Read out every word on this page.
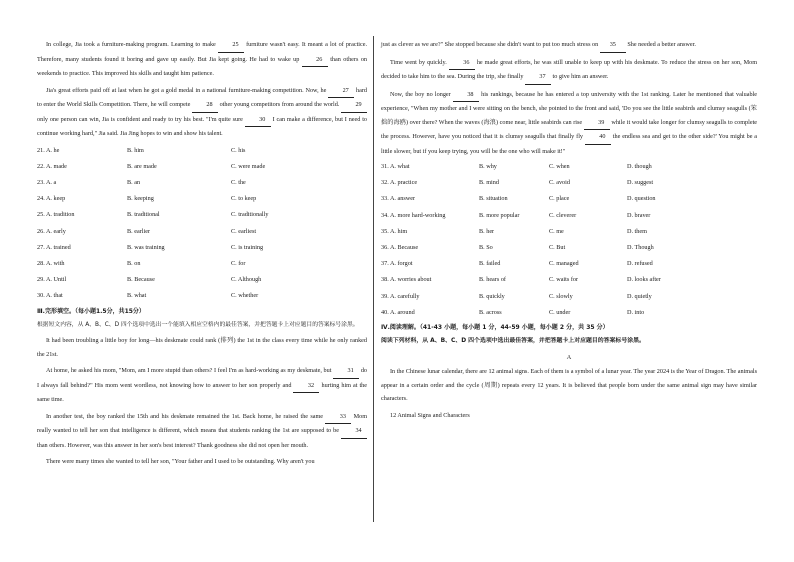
In college, Jia took a furniture-making program. Learning to make	25 furniture wasn't easy. It meant a lot of practice. Therefore, many students found it boring and gave up easily. But Jia kept going. He had to wake up	26 than others on weekends to practice. This improved his skills and taught him patience.

Jia's great efforts paid off at last when he got a gold medal in a national furniture-making competition. Now, he	27 hard to enter the World Skills Competition. There, he will compete	28 other young competitors from around the world.	29 only one person can win, Jia is confident and ready to try his best. "I'm quite sure	30 I can make a difference, but I need to continue working hard," Jia said. Jia Jing hopes to win and show his talent.

21. A. he	B. him	C. his
22. A. made	B. are made	C. were made
23. A. a	B. an	C. the
24. A. keep	B. keeping	C. to keep
25. A. tradition	B. traditional	C. traditionally
26. A. early	B. earlier	C. earliest
27. A. trained	B. was training	C. is training
28. A. with	B. on	C. for
29. A. Until	B. Because	C. Although
30. A. that	B. what	C. whether
Ⅲ.完形填空。（每小题1.5分，共15分）
根据短文内容，从 A、B、C、D 四个选项中选出一个能填入相应空格内的最佳答案，并把答题卡上对应题目的答案标号涂黑。

It had been troubling a little boy for long—his deskmate could rank (排列) the 1st in the class every time while he only ranked the 21st.

At home, he asked his mom, "Mom, am I more stupid than others? I feel I'm as hard-working as my deskmate, but	31 do I always fall behind?" His mom went wordless, not knowing how to answer to her son properly and	32 hurting him at the same time.

In another test, the boy ranked the 15th and his deskmate remained the 1st. Back home, he raised the same	33 Mom really wanted to tell her son that intelligence is different, which means that students ranking the 1st are supposed to be	34 than others. However, was this answer in her son's best interest? Thank goodness she did not open her mouth.

There were many times she wanted to tell her son, "Your father and I used to be outstanding. Why aren't you

just as clever as we are?" She stopped because she didn't want to put too much stress on 35 She needed a better answer.

Time went by quickly.	36 he made great efforts, he was still unable to keep up with his deskmate. To reduce the stress on her son, Mom decided to take him to the sea. During the trip, she finally	37 to give him an answer.

Now, the boy no longer	38 his rankings, because he has entered a top university with the 1st ranking. Later he mentioned that valuable experience, "When my mother and I were sitting on the bench, she pointed to the front and said, 'Do you see the little seabirds and clumsy seagulls (笨拙的海鸥) over there? When the waves (海浪) come near, little seabirds can rise	39 while it would take longer for clumsy seagulls to complete the process. However, have you noticed that it is clumsy seagulls that finally fly	40 the endless sea and get to the other side?' You might be a little slower, but if you keep trying, you will be the one who will make it!"

31. A. what	B. why	C. when	D. though
32. A. practice	B. mind	C. avoid	D. suggest
33. A. answer	B. situation	C. place	D. question
34. A. more hard-working	B. more popular	C. cleverer	D. braver
35. A. him	B. her	C. me	D. them
36. A. Because	B. So	C. But	D. Though
37. A. forgot	B. failed	C. managed	D. refused
38. A. worries about	B. hears of	C. waits for	D. looks after
39. A. carefully	B. quickly	C. slowly	D. quietly
40. A. around	B. across	C. under	D. into
Ⅳ.阅读理解。（41-43 小题，每小题 1 分，44-59 小题，每小题 2 分，共 35 分）
阅读下列材料，从 A、B、C、D 四个选项中选出最佳答案，并把答题卡上对应题目的答案标号涂黑。
A

In the Chinese lunar calendar, there are 12 animal signs. Each of them is a symbol of a lunar year. The year 2024 is the Year of Dragon. The animals appear in a certain order and the cycle (周期) repeats every 12 years. It is believed that people born under the same animal sign may have similar characters.

12 Animal Signs and Characters
